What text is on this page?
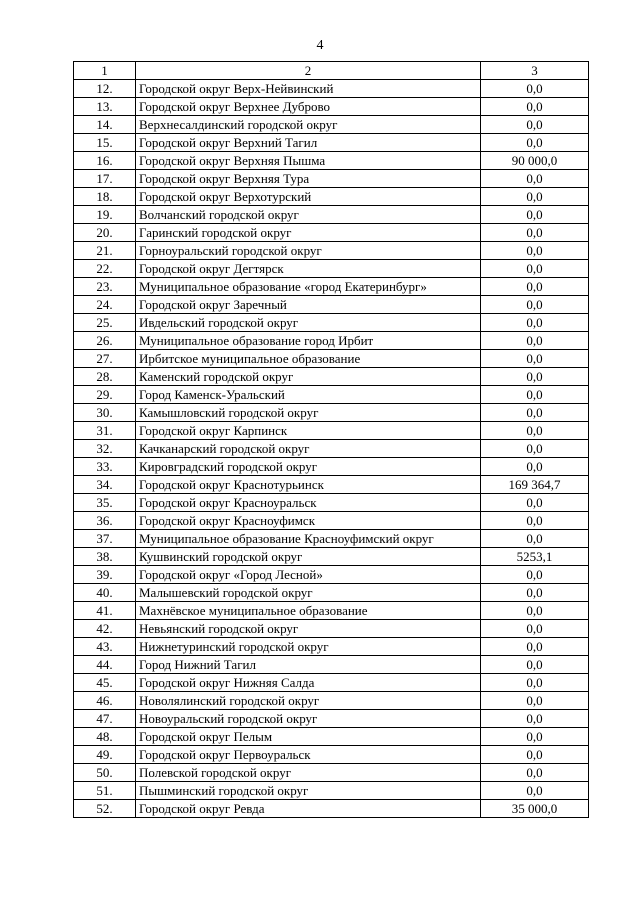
4
1	2	3
12.	Городской округ Верх-Нейвинский	0,0
13.	Городской округ Верхнее Дуброво	0,0
14.	Верхнесалдинский городской округ	0,0
15.	Городской округ Верхний Тагил	0,0
16.	Городской округ Верхняя Пышма	90 000,0
17.	Городской округ Верхняя Тура	0,0
18.	Городской округ Верхотурский	0,0
19.	Волчанский городской округ	0,0
20.	Гаринский городской округ	0,0
21.	Горноуральский городской округ	0,0
22.	Городской округ Дегтярск	0,0
23.	Муниципальное образование «город Екатеринбург»	0,0
24.	Городской округ Заречный	0,0
25.	Ивдельский городской округ	0,0
26.	Муниципальное образование город Ирбит	0,0
27.	Ирбитское муниципальное образование	0,0
28.	Каменский городской округ	0,0
29.	Город Каменск-Уральский	0,0
30.	Камышловский городской округ	0,0
31.	Городской округ Карпинск	0,0
32.	Качканарский городской округ	0,0
33.	Кировградский городской округ	0,0
34.	Городской округ Краснотурьинск	169 364,7
35.	Городской округ Красноуральск	0,0
36.	Городской округ Красноуфимск	0,0
37.	Муниципальное образование Красноуфимский округ	0,0
38.	Кушвинский городской округ	5253,1
39.	Городской округ «Город Лесной»	0,0
40.	Малышевский городской округ	0,0
41.	Махнёвское муниципальное образование	0,0
42.	Невьянский городской округ	0,0
43.	Нижнетуринский городской округ	0,0
44.	Город Нижний Тагил	0,0
45.	Городской округ Нижняя Салда	0,0
46.	Новолялинский городской округ	0,0
47.	Новоуральский городской округ	0,0
48.	Городской округ Пелым	0,0
49.	Городской округ Первоуральск	0,0
50.	Полевской городской округ	0,0
51.	Пышминский городской округ	0,0
52.	Городской округ Ревда	35 000,0
